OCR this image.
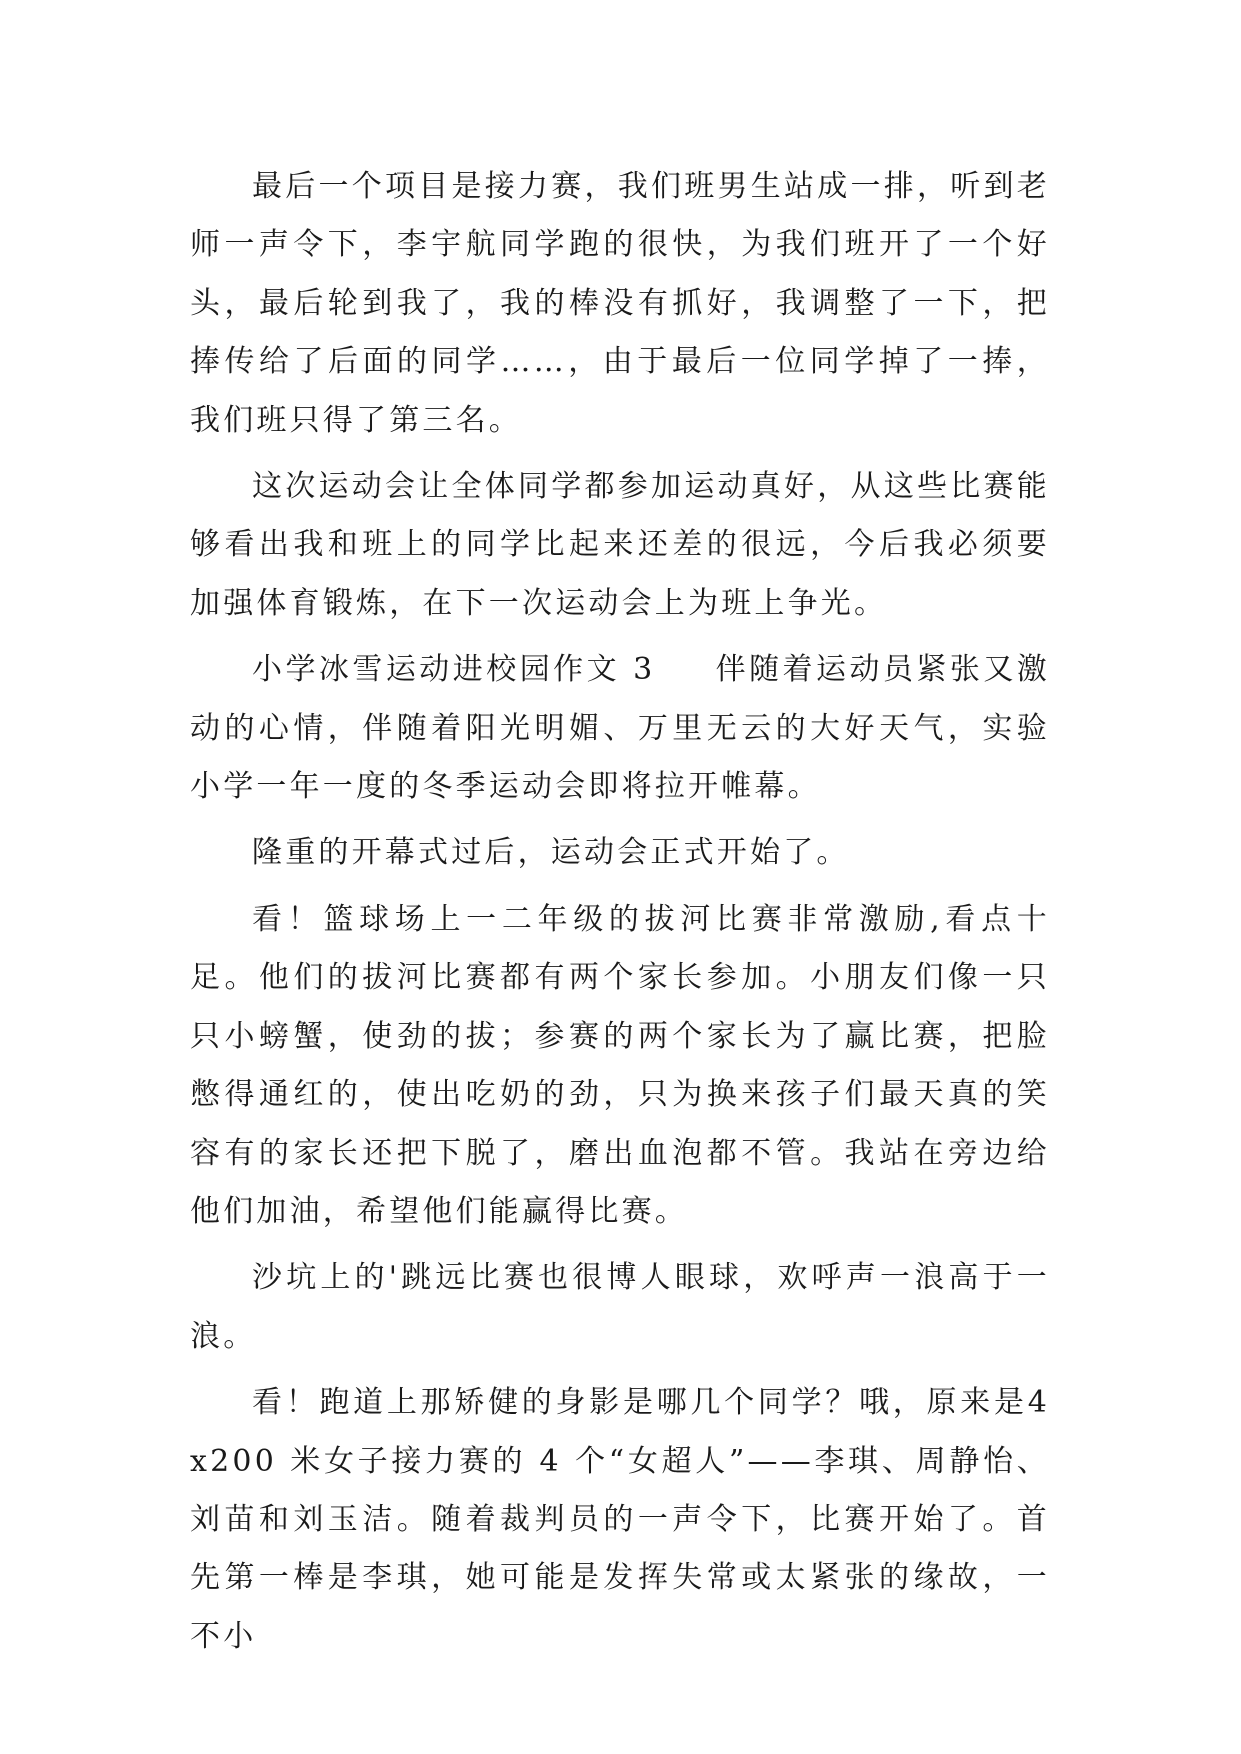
最后一个项目是接力赛，我们班男生站成一排，听到老师一声令下，李宇航同学跑的很快，为我们班开了一个好头，最后轮到我了，我的棒没有抓好，我调整了一下，把捧传给了后面的同学……，由于最后一位同学掉了一捧，我们班只得了第三名。

这次运动会让全体同学都参加运动真好，从这些比赛能够看出我和班上的同学比起来还差的很远，今后我必须要加强体育锻炼，在下一次运动会上为班上争光。

小学冰雪运动进校园作文 3 伴随着运动员紧张又激动的心情，伴随着阳光明媚、万里无云的大好天气，实验小学一年一度的冬季运动会即将拉开帷幕。

隆重的开幕式过后，运动会正式开始了。

看！篮球场上一二年级的拔河比赛非常激励,看点十足。他们的拔河比赛都有两个家长参加。小朋友们像一只只小螃蟹，使劲的拔；参赛的两个家长为了赢比赛，把脸憋得通红的，使出吃奶的劲，只为换来孩子们最天真的笑容有的家长还把下脱了，磨出血泡都不管。我站在旁边给他们加油，希望他们能赢得比赛。

沙坑上的'跳远比赛也很博人眼球，欢呼声一浪高于一浪。

看！跑道上那矫健的身影是哪几个同学？哦，原来是4x200 米女子接力赛的 4 个“女超人”——李琪、周静怡、刘苗和刘玉洁。随着裁判员的一声令下，比赛开始了。首先第一棒是李琪，她可能是发挥失常或太紧张的缘故，一不小
